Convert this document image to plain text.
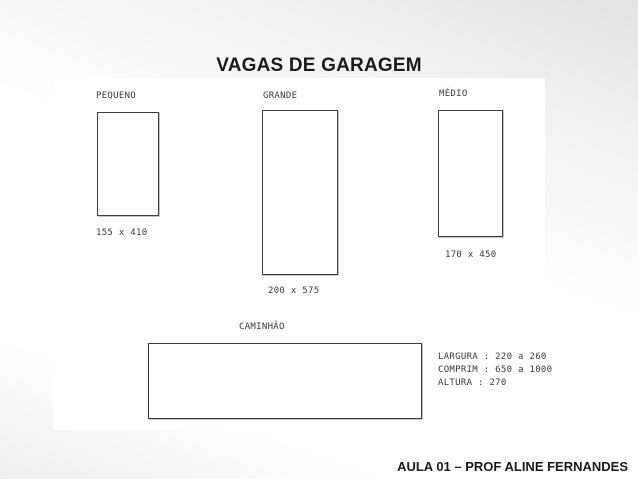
VAGAS DE GARAGEM
PEQUENO
155 x 410
GRANDE
200 x 575
MÉDIO
170 x 450
CAMINHÃO
LARGURA : 220 a 260
COMPRIM : 650 a 1000
ALTURA : 270
AULA 01 – PROF ALINE FERNANDES
